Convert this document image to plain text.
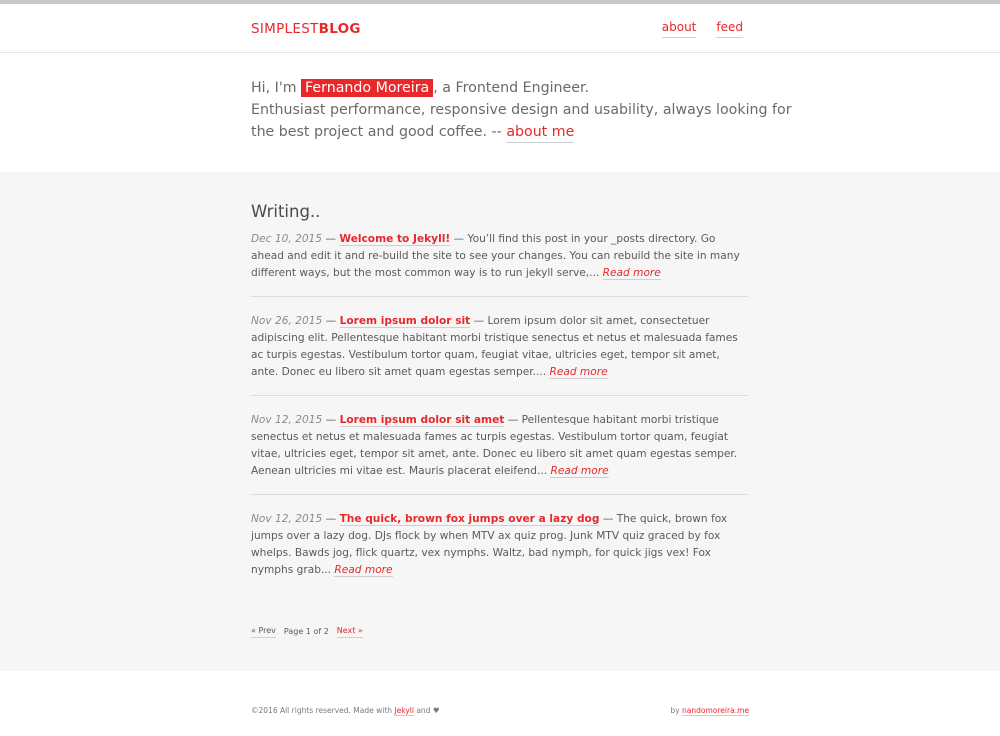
SIMPLESTBLOG	about feed
Hi, I'm Fernando Moreira , a Frontend Engineer.
Enthusiast performance, responsive design and usability, always looking for
the best project and good coffee. -- about me
Writing..
Dec 10, 2015 — Welcome to Jekyll! — You’ll find this post in your _posts directory. Go ahead and edit it and re-build the site to see your changes. You can rebuild the site in many different ways, but the most common way is to run jekyll serve,... Read more
Nov 26, 2015 — Lorem ipsum dolor sit — Lorem ipsum dolor sit amet, consectetuer adipiscing elit. Pellentesque habitant morbi tristique senectus et netus et malesuada fames ac turpis egestas. Vestibulum tortor quam, feugiat vitae, ultricies eget, tempor sit amet, ante. Donec eu libero sit amet quam egestas semper.... Read more
Nov 12, 2015 — Lorem ipsum dolor sit amet — Pellentesque habitant morbi tristique senectus et netus et malesuada fames ac turpis egestas. Vestibulum tortor quam, feugiat vitae, ultricies eget, tempor sit amet, ante. Donec eu libero sit amet quam egestas semper. Aenean ultricies mi vitae est. Mauris placerat eleifend... Read more
Nov 12, 2015 — The quick, brown fox jumps over a lazy dog — The quick, brown fox jumps over a lazy dog. DJs flock by when MTV ax quiz prog. Junk MTV quiz graced by fox whelps. Bawds jog, flick quartz, vex nymphs. Waltz, bad nymph, for quick jigs vex! Fox nymphs grab... Read more
« Prev Page 1 of 2 Next »
©2016 All rights reserved. Made with Jekyll and ♥	by nandomoreira.me
